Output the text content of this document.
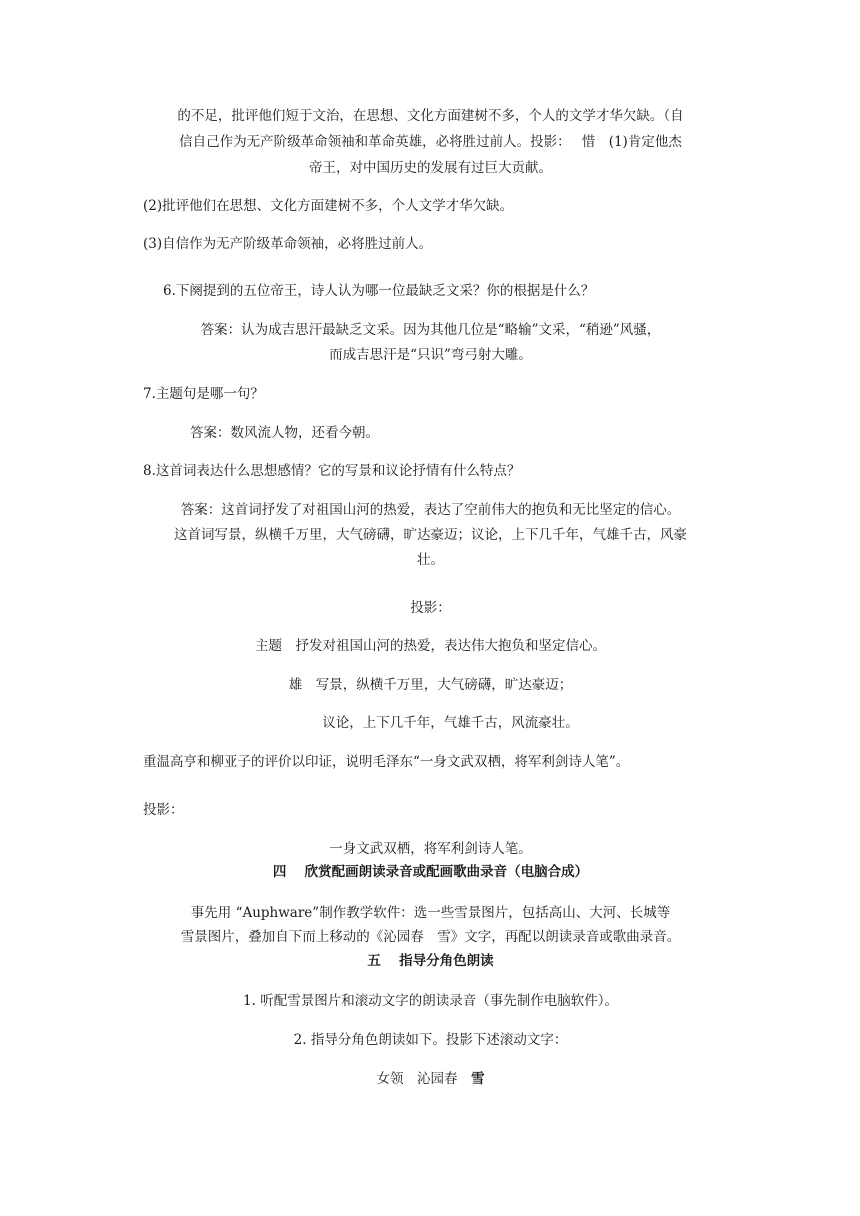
的不足，批评他们短于文治，在思想、文化方面建树不多，个人的文学才华欠缺。（自
信自己作为无产阶级革命领袖和革命英雄，必将胜过前人。投影：　 惜　(1)肯定他杰
帝王，对中国历史的发展有过巨大贡献。
(2)批评他们在思想、文化方面建树不多，个人文学才华欠缺。
(3)自信作为无产阶级革命领袖，必将胜过前人。
6.下阕提到的五位帝王，诗人认为哪一位最缺乏文采？你的根据是什么？
答案：认为成吉思汗最缺乏文采。因为其他几位是“略输”文采，“稍逊”风骚，
而成吉思汗是“只识”弯弓射大雕。
7.主题句是哪一句？
答案：数风流人物，还看今朝。
8.这首词表达什么思想感情？它的写景和议论抒情有什么特点？
答案：这首词抒发了对祖国山河的热爱，表达了空前伟大的抱负和无比坚定的信心。
这首词写景，纵横千万里，大气磅礴，旷达豪迈；议论，上下几千年，气雄千古，风豪
壮。
投影：
主题　抒发对祖国山河的热爱，表达伟大抱负和坚定信心。
雄　写景，纵横千万里，大气磅礴，旷达豪迈；
议论，上下几千年，气雄千古，风流豪壮。
重温高亨和柳亚子的评价以印证，说明毛泽东“一身文武双栖，将军利剑诗人笔”。
投影：
一身文武双栖，将军利剑诗人笔。
四　 欣赏配画朗读录音或配画歌曲录音（电脑合成）
事先用 “Auphware”制作教学软件：选一些雪景图片，包括高山、大河、长城等
雪景图片，叠加自下而上移动的《沁园春　雪》文字，再配以朗读录音或歌曲录音。
五　 指导分角色朗读
1. 听配雪景图片和滚动文字的朗读录音（事先制作电脑软件）。
2. 指导分角色朗读如下。投影下述滚动文字：
女领　沁园春　 雪
